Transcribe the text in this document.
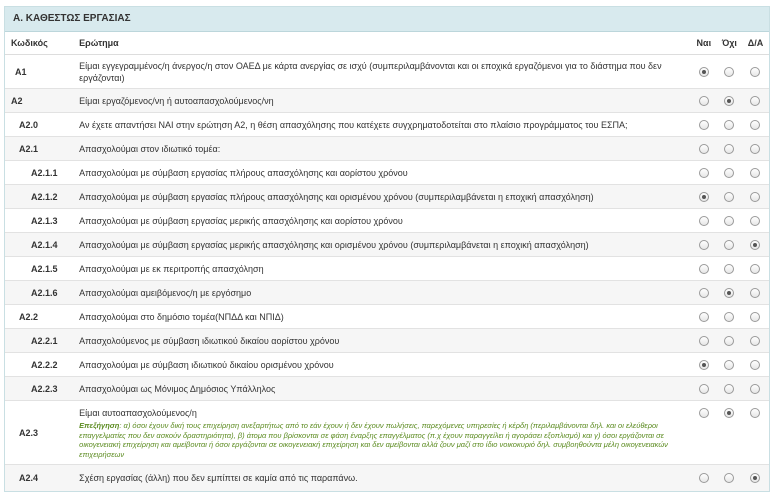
Α. ΚΑΘΕΣΤΩΣ ΕΡΓΑΣΙΑΣ
Κωδικός	Ερώτημα	Ναι	Όχι	Δ/Α
A1	Είμαι εγγεγραμμένος/η άνεργος/η στον ΟΑΕΔ με κάρτα ανεργίας σε ισχύ (συμπεριλαμβάνονται και οι εποχικά εργαζόμενοι για το διάστημα που δεν εργάζονται)			
A2	Είμαι εργαζόμενος/νη ή αυτοαπασχολούμενος/νη			
A2.0	Αν έχετε απαντήσει ΝΑΙ στην ερώτηση Α2, η θέση απασχόλησης που κατέχετε συγχρηματοδοτείται στο πλαίσιο προγράμματος του ΕΣΠΑ;			
A2.1	Απασχολούμαι στον ιδιωτικό τομέα:			
A2.1.1	Απασχολούμαι με σύμβαση εργασίας πλήρους απασχόλησης και αορίστου χρόνου			
A2.1.2	Απασχολούμαι με σύμβαση εργασίας πλήρους απασχόλησης και ορισμένου χρόνου (συμπεριλαμβάνεται η εποχική απασχόληση)			
A2.1.3	Απασχολούμαι με σύμβαση εργασίας μερικής απασχόλησης και αορίστου χρόνου			
A2.1.4	Απασχολούμαι με σύμβαση εργασίας μερικής απασχόλησης και ορισμένου χρόνου (συμπεριλαμβάνεται η εποχική απασχόληση)			
A2.1.5	Απασχολούμαι με εκ περιτροπής απασχόληση			
A2.1.6	Απασχολούμαι αμειβόμενος/η με εργόσημο			
A2.2	Απασχολούμαι στο δημόσιο τομέα(ΝΠΔΔ και ΝΠΙΔ)			
A2.2.1	Απασχολούμενος με σύμβαση ιδιωτικού δικαίου αορίστου χρόνου			
A2.2.2	Απασχολούμαι με σύμβαση ιδιωτικού δικαίου ορισμένου χρόνου			
A2.2.3	Απασχολούμαι ως Μόνιμος Δημόσιος Υπάλληλος			
A2.3	Είμαι αυτοαπασχολούμενος/η
Επεξήγηση: α) όσοι έχουν δική τους επιχείρηση ανεξαρτήτως από το εάν έχουν ή δεν έχουν πωλήσεις, παρεχόμενες υπηρεσίες ή κέρδη (περιλαμβάνονται δηλ. και οι ελεύθεροι επαγγελματίες που δεν ασκούν δραστηριότητα), β) άτομα που βρίσκονται σε φάση έναρξης επαγγέλματος (π.χ έχουν παραγγείλει ή αγοράσει εξοπλισμό) και γ) όσοι εργάζονται σε οικογενειακή επιχείρηση και αμείβονται ή όσοι εργάζονται σε οικογενειακή επιχείρηση και δεν αμείβονται αλλά ζουν μαζί στο ίδιο νοικοκυριό δηλ. συμβοηθούντα μέλη οικογενειακών επιχειρήσεων			

A2.4	Σχέση εργασίας (άλλη) που δεν εμπίπτει σε καμία από τις παραπάνω.			
